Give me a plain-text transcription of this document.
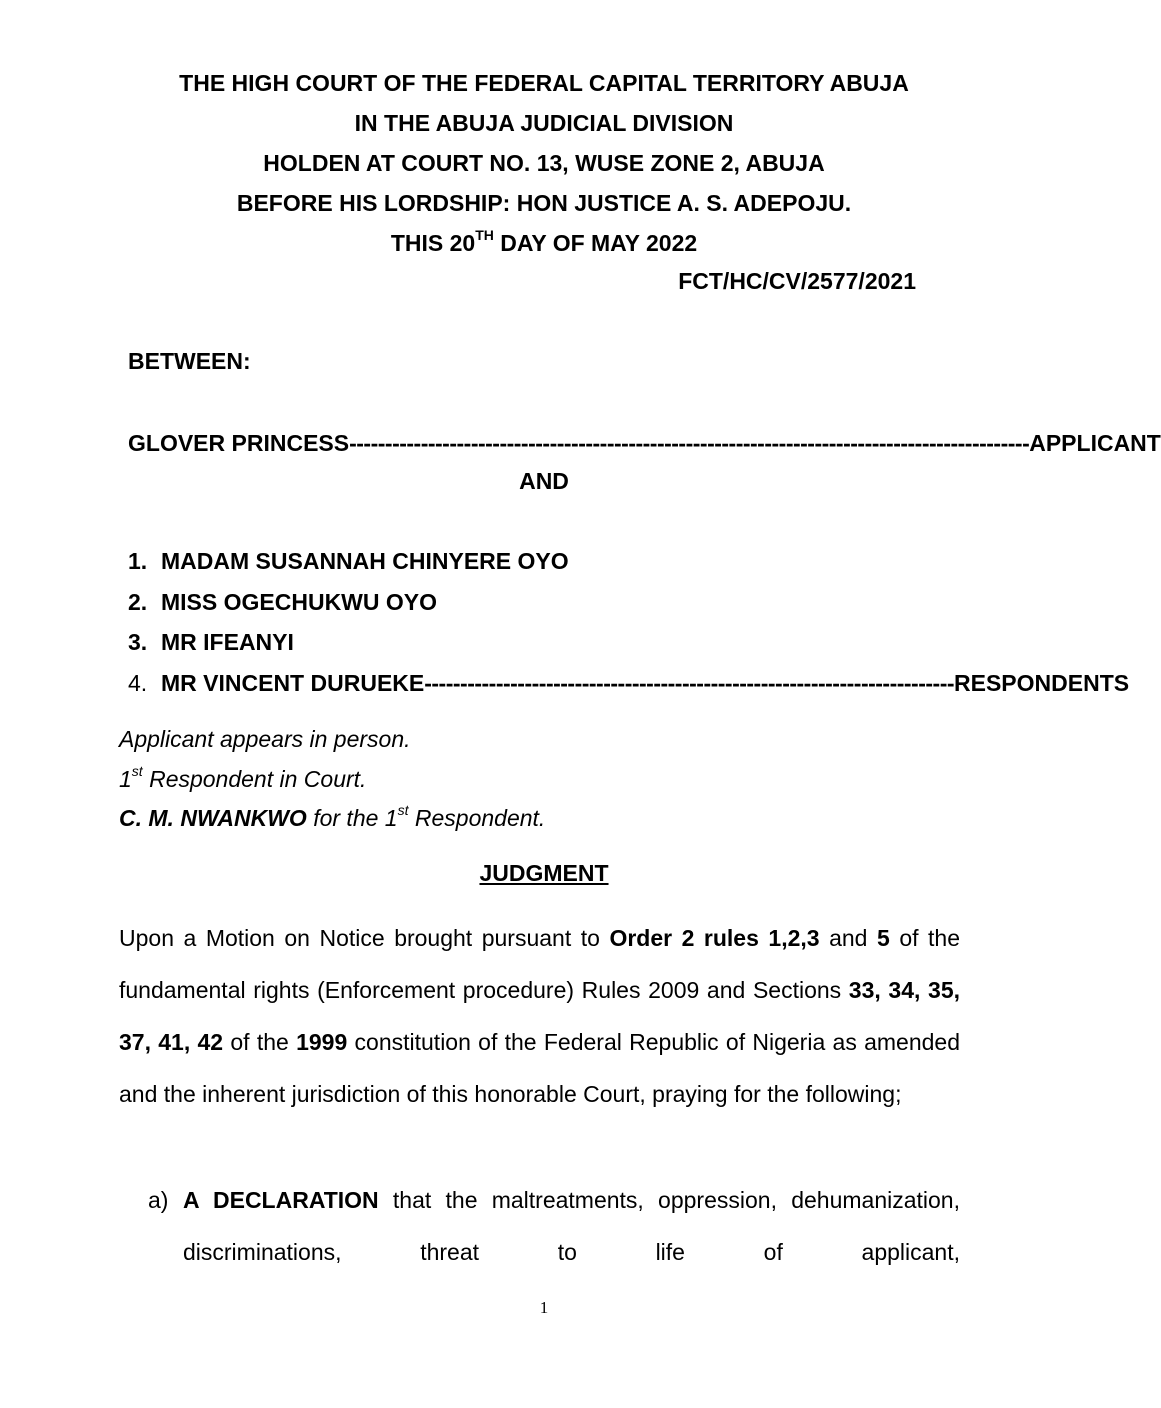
THE HIGH COURT OF THE FEDERAL CAPITAL TERRITORY ABUJA
IN THE ABUJA JUDICIAL DIVISION
HOLDEN AT COURT NO. 13, WUSE ZONE 2, ABUJA
BEFORE HIS LORDSHIP: HON JUSTICE A. S. ADEPOJU.
THIS 20TH DAY OF MAY 2022
FCT/HC/CV/2577/2021
BETWEEN:
GLOVER PRINCESS ----------------------------------------------------------------------------------------------- APPLICANT
AND
1. MADAM SUSANNAH CHINYERE OYO
2. MISS OGECHUKWU OYO
3. MR IFEANYI
4. MR VINCENT DURUEKE -------------------------------------------------------------------------- RESPONDENTS
Applicant appears in person.
1st Respondent in Court.
C. M. NWANKWO for the 1st Respondent.
JUDGMENT
Upon a Motion on Notice brought pursuant to Order 2 rules 1,2,3 and 5 of the fundamental rights (Enforcement procedure) Rules 2009 and Sections 33, 34, 35, 37, 41, 42 of the 1999 constitution of the Federal Republic of Nigeria as amended and the inherent jurisdiction of this honorable Court, praying for the following;
a) A DECLARATION that the maltreatments, oppression, dehumanization, discriminations, threat to life of applicant,
1
